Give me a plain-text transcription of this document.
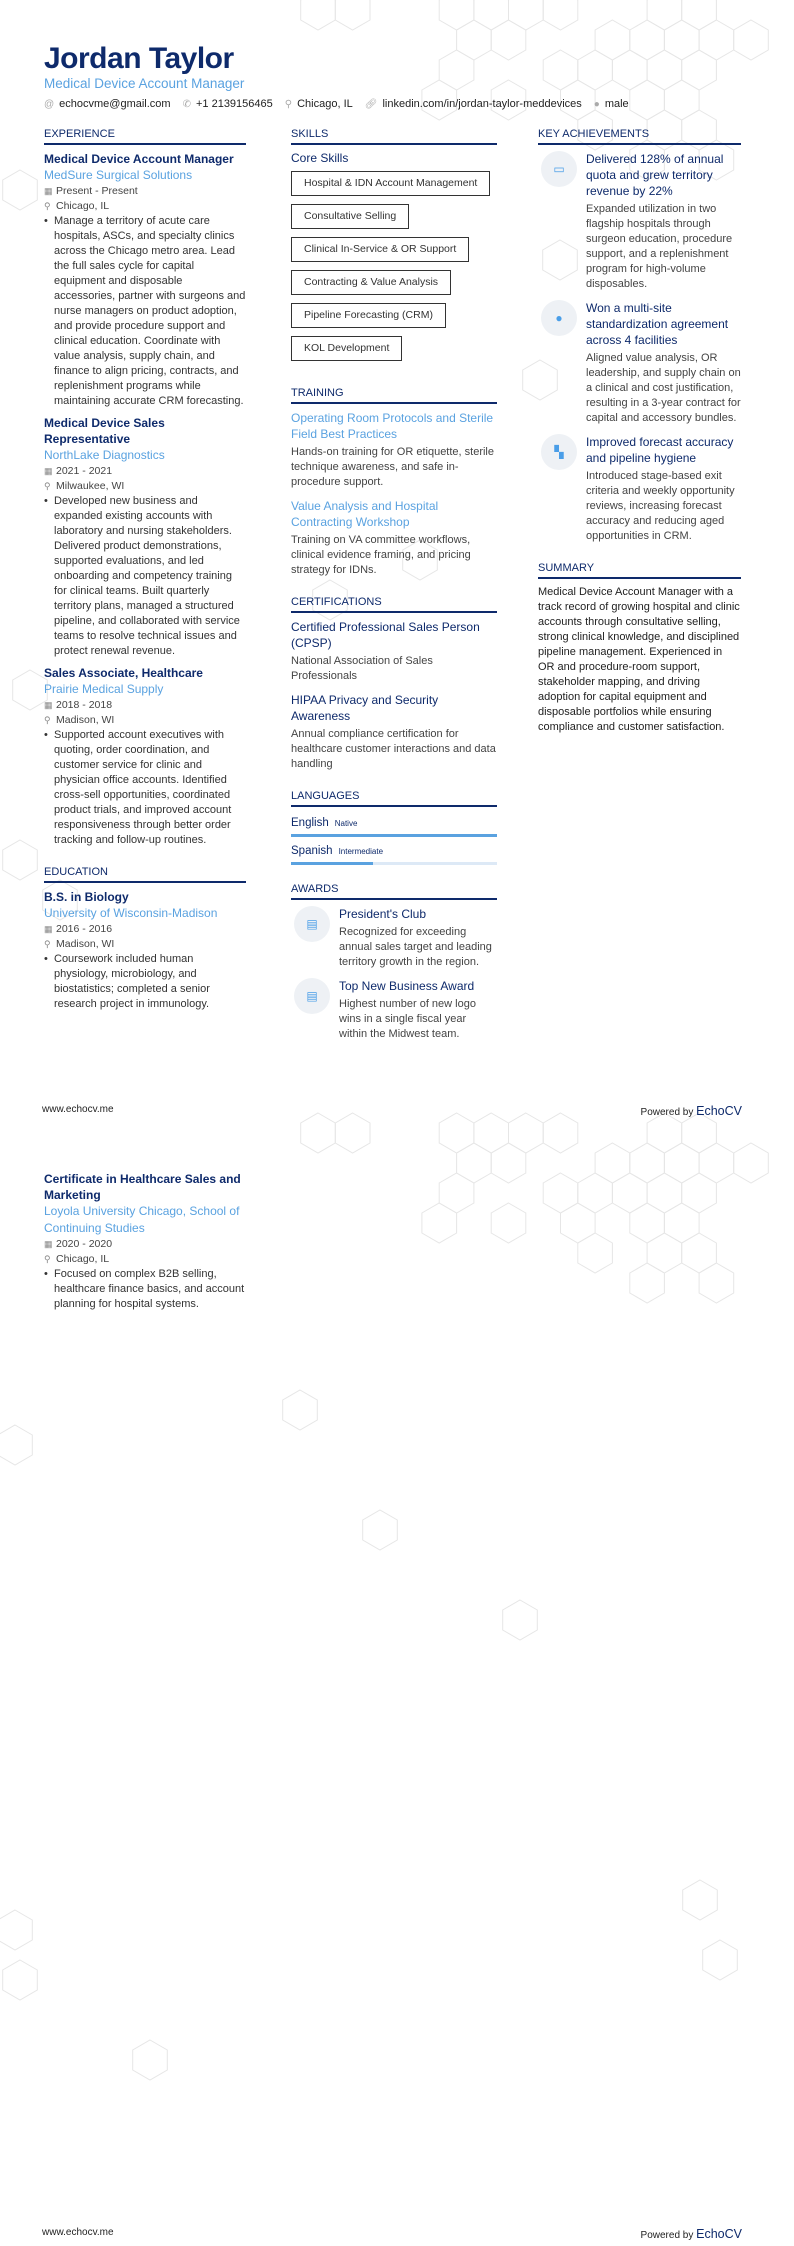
Jordan Taylor
Medical Device Account Manager
@ echocvme@gmail.com ✆ +1 2139156465 ⚲ Chicago, IL 🔗︎ linkedin.com/in/jordan-taylor-meddevices ● male
EXPERIENCE
Medical Device Account Manager
MedSure Surgical Solutions
▦ Present - Present
⚲ Chicago, IL
• Manage a territory of acute care hospitals, ASCs, and specialty clinics across the Chicago metro area. Lead the full sales cycle for capital equipment and disposable accessories, partner with surgeons and nurse managers on product adoption, and provide procedure support and clinical education. Coordinate with value analysis, supply chain, and finance to align pricing, contracts, and replenishment programs while maintaining accurate CRM forecasting.
Medical Device Sales Representative
NorthLake Diagnostics
▦ 2021 - 2021
⚲ Milwaukee, WI
• Developed new business and expanded existing accounts with laboratory and nursing stakeholders. Delivered product demonstrations, supported evaluations, and led onboarding and competency training for clinical teams. Built quarterly territory plans, managed a structured pipeline, and collaborated with service teams to resolve technical issues and protect renewal revenue.
Sales Associate, Healthcare
Prairie Medical Supply
▦ 2018 - 2018
⚲ Madison, WI
• Supported account executives with quoting, order coordination, and customer service for clinic and physician office accounts. Identified cross-sell opportunities, coordinated product trials, and improved account responsiveness through better order tracking and follow-up routines.
EDUCATION
B.S. in Biology
University of Wisconsin-Madison
▦ 2016 - 2016
⚲ Madison, WI
• Coursework included human physiology, microbiology, and biostatistics; completed a senior research project in immunology.
SKILLS
Core Skills
Hospital & IDN Account Management
Consultative Selling
Clinical In-Service & OR Support
Contracting & Value Analysis
Pipeline Forecasting (CRM)
KOL Development
TRAINING
Operating Room Protocols and Sterile Field Best Practices
Hands-on training for OR etiquette, sterile technique awareness, and safe in-procedure support.
Value Analysis and Hospital Contracting Workshop
Training on VA committee workflows, clinical evidence framing, and pricing strategy for IDNs.
CERTIFICATIONS
Certified Professional Sales Person (CPSP)
National Association of Sales Professionals
HIPAA Privacy and Security Awareness
Annual compliance certification for healthcare customer interactions and data handling
LANGUAGES
English Native
Spanish Intermediate
AWARDS
▤
President's Club
Recognized for exceeding annual sales target and leading territory growth in the region.
▤
Top New Business Award
Highest number of new logo wins in a single fiscal year within the Midwest team.
KEY ACHIEVEMENTS
▭
Delivered 128% of annual quota and grew territory revenue by 22%
Expanded utilization in two flagship hospitals through surgeon education, procedure support, and a replenishment program for high-volume disposables.
●
Won a multi-site standardization agreement across 4 facilities
Aligned value analysis, OR leadership, and supply chain on a clinical and cost justification, resulting in a 3-year contract for capital and accessory bundles.
▚
Improved forecast accuracy and pipeline hygiene
Introduced stage-based exit criteria and weekly opportunity reviews, increasing forecast accuracy and reducing aged opportunities in CRM.
SUMMARY
Medical Device Account Manager with a track record of growing hospital and clinic accounts through consultative selling, strong clinical knowledge, and disciplined pipeline management. Experienced in OR and procedure-room support, stakeholder mapping, and driving adoption for capital equipment and disposable portfolios while ensuring compliance and customer satisfaction.
www.echocv.me	Powered by EchoCV
Certificate in Healthcare Sales and Marketing
Loyola University Chicago, School of Continuing Studies
▦ 2020 - 2020
⚲ Chicago, IL
• Focused on complex B2B selling, healthcare finance basics, and account planning for hospital systems.
www.echocv.me	Powered by EchoCV
